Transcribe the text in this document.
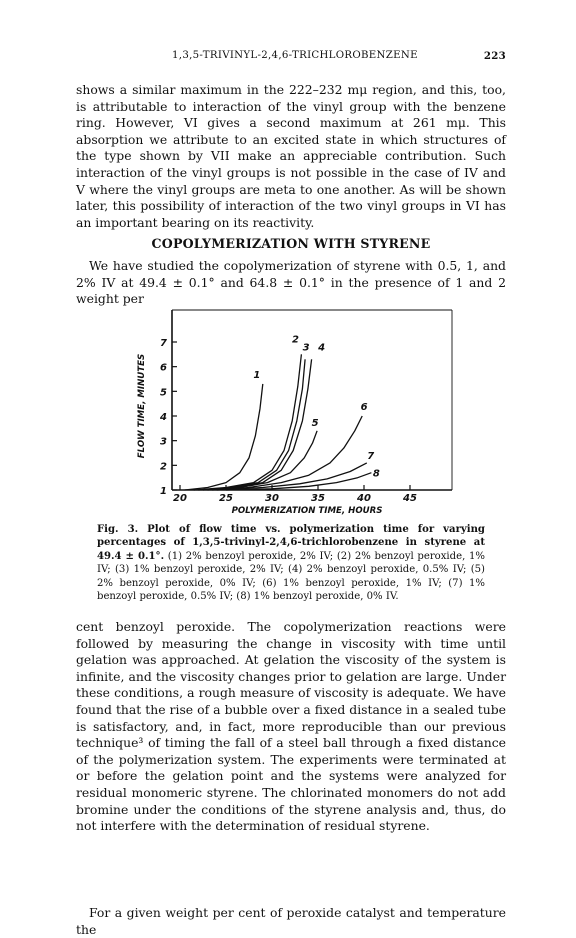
1,3,5-TRIVINYL-2,4,6-TRICHLOROBENZENE	223

shows a similar maximum in the 222–232 mμ region, and this, too, is attributable to interaction of the vinyl group with the benzene ring. However, VI gives a second maximum at 261 mμ. This absorption we attribute to an excited state in which structures of the type shown by VII make an appreciable contribution. Such interaction of the vinyl groups is not possible in the case of IV and V where the vinyl groups are meta to one another. As will be shown later, this possibility of interaction of the two vinyl groups in VI has an important bearing on its reactivity.

COPOLYMERIZATION WITH STYRENE

We have studied the copolymerization of styrene with 0.5, 1, and 2% IV at 49.4 ± 0.1° and 64.8 ± 0.1° in the presence of 1 and 2 weight per

1
2
3
4
5
6
7
20	25	30	35	40	45
POLYMERIZATION TIME, HOURS
FLOW TIME, MINUTES	1
2
3 4
5
6
7
8

Fig. 3. Plot of flow time vs. polymerization time for varying percentages of 1,3,5-trivinyl-2,4,6-trichlorobenzene in styrene at 49.4 ± 0.1°. (1) 2% benzoyl peroxide, 2% IV; (2) 2% benzoyl peroxide, 1% IV; (3) 1% benzoyl peroxide, 2% IV; (4) 2% benzoyl peroxide, 0.5% IV; (5) 2% benzoyl peroxide, 0% IV; (6) 1% benzoyl peroxide, 1% IV; (7) 1% benzoyl peroxide, 0.5% IV; (8) 1% benzoyl peroxide, 0% IV.

cent benzoyl peroxide. The copolymerization reactions were followed by measuring the change in viscosity with time until gelation was approached. At gelation the viscosity of the system is infinite, and the viscosity changes prior to gelation are large. Under these conditions, a rough measure of viscosity is adequate. We have found that the rise of a bubble over a fixed distance in a sealed tube is satisfactory, and, in fact, more reproducible than our previous technique³ of timing the fall of a steel ball through a fixed distance of the polymerization system. The experiments were terminated at or before the gelation point and the systems were analyzed for residual monomeric styrene. The chlorinated monomers do not add bromine under the conditions of the styrene analysis and, thus, do not interfere with the determination of residual styrene.

For a given weight per cent of peroxide catalyst and temperature the
